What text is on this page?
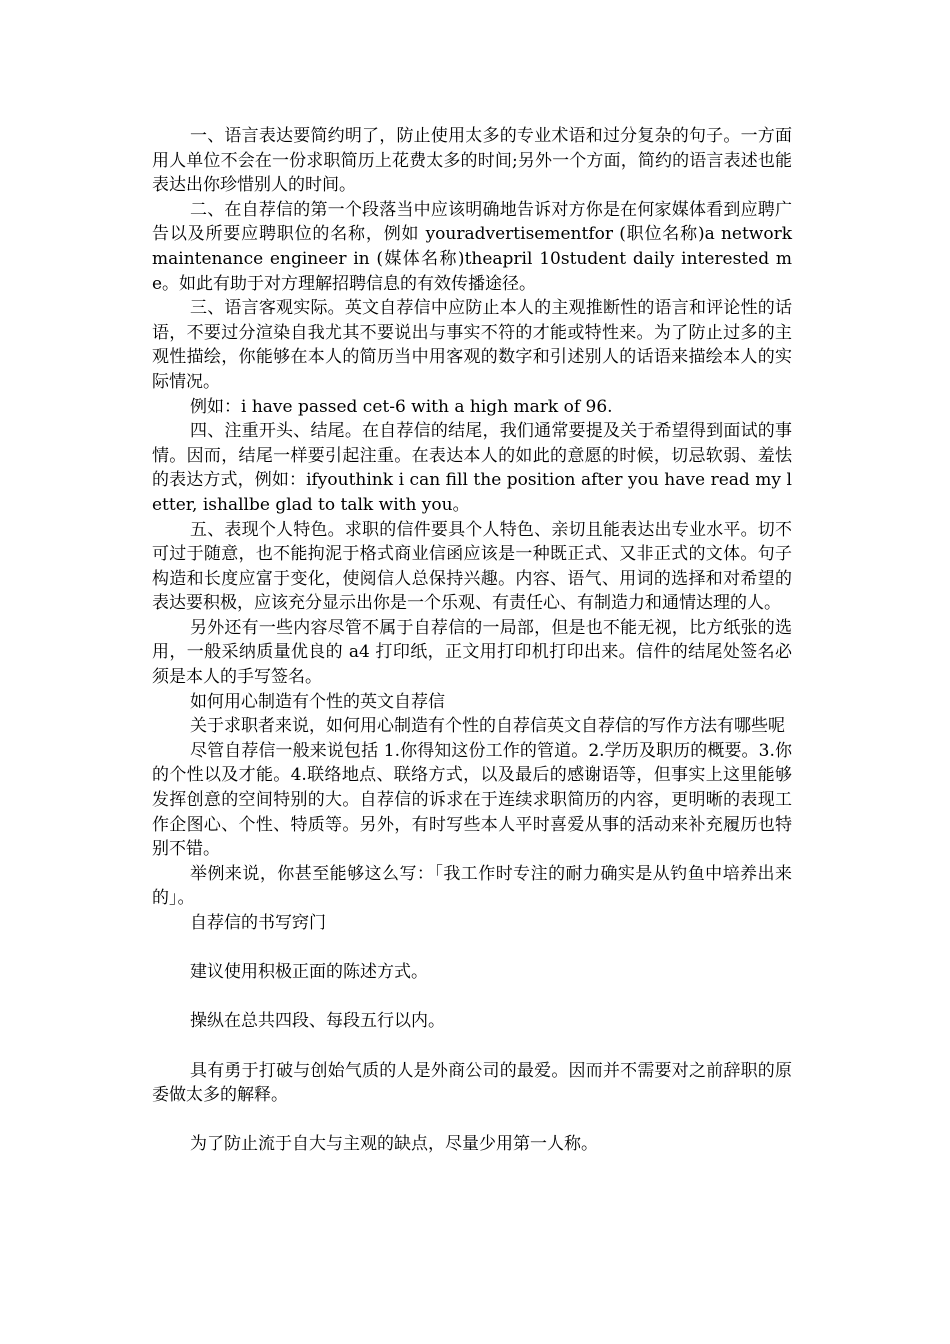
一、语言表达要简约明了，防止使用太多的专业术语和过分复杂的句子。一方面用人单位不会在一份求职简历上花费太多的时间;另外一个方面，简约的语言表述也能表达出你珍惜别人的时间。

二、在自荐信的第一个段落当中应该明确地告诉对方你是在何家媒体看到应聘广告以及所要应聘职位的名称，例如 youradvertisementfor (职位名称)a network maintenance engineer in (媒体名称)theapril 10student daily interested me。如此有助于对方理解招聘信息的有效传播途径。

三、语言客观实际。英文自荐信中应防止本人的主观推断性的语言和评论性的话语，不要过分渲染自我尤其不要说出与事实不符的才能或特性来。为了防止过多的主观性描绘，你能够在本人的简历当中用客观的数字和引述别人的话语来描绘本人的实际情况。

例如：i have passed cet-6 with a high mark of 96.

四、注重开头、结尾。在自荐信的结尾，我们通常要提及关于希望得到面试的事情。因而，结尾一样要引起注重。在表达本人的如此的意愿的时候，切忌软弱、羞怯的表达方式，例如：ifyouthink i can fill the position after you have read my letter, ishallbe glad to talk with you。

五、表现个人特色。求职的信件要具个人特色、亲切且能表达出专业水平。切不可过于随意，也不能拘泥于格式商业信函应该是一种既正式、又非正式的文体。句子构造和长度应富于变化，使阅信人总保持兴趣。内容、语气、用词的选择和对希望的表达要积极，应该充分显示出你是一个乐观、有责任心、有制造力和通情达理的人。

另外还有一些内容尽管不属于自荐信的一局部，但是也不能无视，比方纸张的选用，一般采纳质量优良的 a4 打印纸，正文用打印机打印出来。信件的结尾处签名必须是本人的手写签名。

如何用心制造有个性的英文自荐信

关于求职者来说，如何用心制造有个性的自荐信英文自荐信的写作方法有哪些呢

尽管自荐信一般来说包括 1.你得知这份工作的管道。2.学历及职历的概要。3.你的个性以及才能。4.联络地点、联络方式，以及最后的感谢语等，但事实上这里能够发挥创意的空间特别的大。自荐信的诉求在于连续求职简历的内容，更明晰的表现工作企图心、个性、特质等。另外，有时写些本人平时喜爱从事的活动来补充履历也特别不错。

举例来说，你甚至能够这么写：「我工作时专注的耐力确实是从钓鱼中培养出来的」。

自荐信的书写窍门

建议使用积极正面的陈述方式。

操纵在总共四段、每段五行以内。

具有勇于打破与创始气质的人是外商公司的最爱。因而并不需要对之前辞职的原委做太多的解释。

为了防止流于自大与主观的缺点，尽量少用第一人称。
